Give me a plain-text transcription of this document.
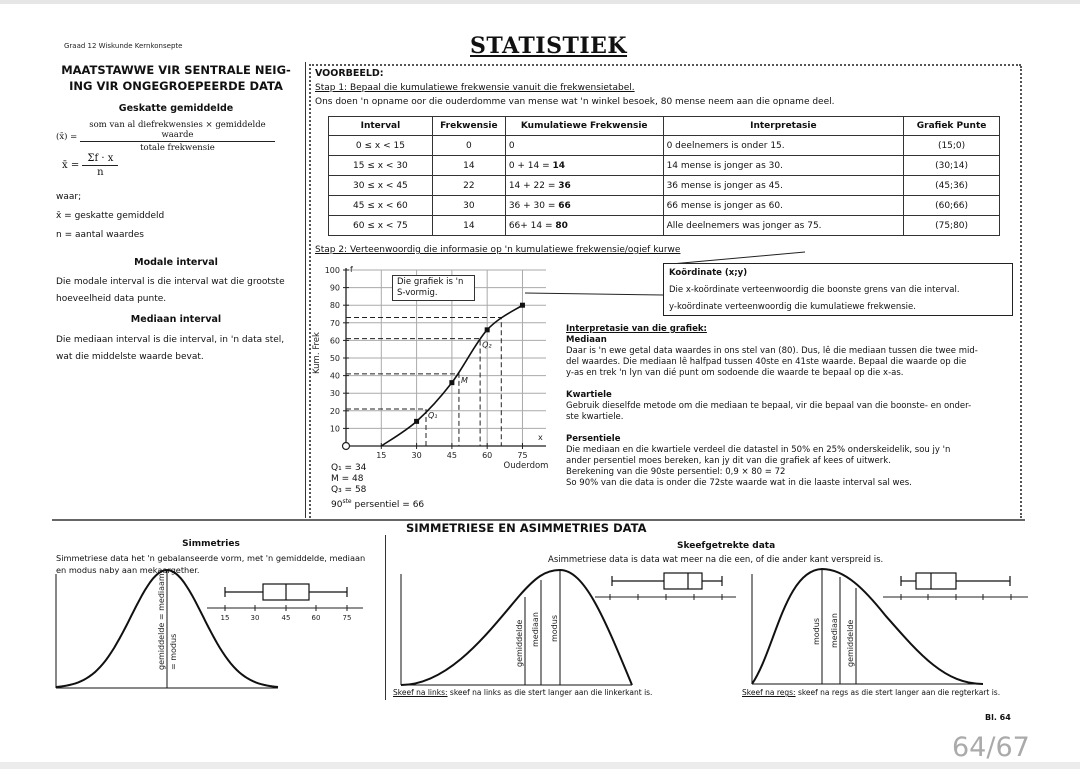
Graad 12 Wiskunde Kernkonsepte	STATISTIEK
MAATSTAWWE VIR SENTRALE NEIG-
ING VIR ONGEGROEPEERDE DATA
Geskatte gemiddelde
(x̄) = $\frac{\text{som van al diefrekwensies × gemiddelde waarde}}{\text{totale frekwensie}}$
x̄ = $\frac{\Sigma f \cdot x}{n}$
waar;
x̄ = geskatte gemiddeld
n = aantal waardes
Modale interval
Die modale interval is die interval wat die grootste
hoeveelheid data punte.
Mediaan interval
Die mediaan interval is die interval, in 'n data stel,
wat die middelste waarde bevat.
VOORBEELD:
Stap 1: Bepaal die kumulatiewe frekwensie vanuit die frekwensietabel.
Ons doen 'n opname oor die ouderdomme van mense wat 'n winkel besoek, 80 mense neem aan die opname deel.
Interval	Frekwensie	Kumulatiewe Frekwensie	Interpretasie	Grafiek Punte
0 ≤ x < 15	0	0	0 deelnemers is onder 15.	(15;0)
15 ≤ x < 30	14	0 + 14 = 14	14 mense is jonger as 30.	(30;14)
30 ≤ x < 45	22	14 + 22 = 36	36 mense is jonger as 45.	(45;36)
45 ≤ x < 60	30	36 + 30 = 66	66 mense is jonger as 60.	(60;66)
60 ≤ x < 75	14	66+ 14 = 80	Alle deelnemers was jonger as 75.	(75;80)
Stap 2: Verteenwoordig die informasie op 'n kumulatiewe frekwensie/ogief kurwe
10
20
30
40
50
60
70
80
90
100
15	30	45	60	75
f
x
Ouderdom
Kum. Frek
Q₁
M
Q₂
Die grafiek is 'n S-vormig.
Koördinate (x;y)
Die x-koördinate verteenwoordig die boonste grens van die interval.
y-koördinate verteenwoordig die kumulatiewe frekwensie.
Interpretasie van die grafiek:
Mediaan
Daar is 'n ewe getal data waardes in ons stel van (80). Dus, lê die mediaan tussen die twee mid-
del waardes. Die mediaan lê halfpad tussen 40ste en 41ste waarde. Bepaal die waarde op die
y-as en trek 'n lyn van dié punt om sodoende die waarde te bepaal op die x-as.
Kwartiele
Gebruik dieselfde metode om die mediaan te bepaal, vir die bepaal van die boonste- en onder-
ste kwartiele.
Persentiele
Die mediaan en die kwartiele verdeel die datastel in 50% en 25% onderskeidelik, sou jy 'n
ander persentiel moes bereken, kan jy dit van die grafiek af kees of uitwerk.
Berekening van die 90ste persentiel: 0,9 × 80 = 72
So 90% van die data is onder die 72ste waarde wat in die laaste interval sal wes.
Q₁ = 34
M = 48
Q₃ = 58
90ste persentiel = 66
SIMMETRIESE EN ASIMMETRIES DATA
Simmetries
Simmetriese data het 'n gebalanseerde vorm, met 'n gemiddelde, mediaan
en modus naby aan mekaargether.
Skeefgetrekte data
Asimmetriese data is data wat meer na die een, of die ander kant verspreid is.
gemiddelde = mediaam = modus
15	30	45	60	75
gemiddelde mediaan modus	modus mediaan gemiddelde
Skeef na links: skeef na links as die stert langer aan die linkerkant is.	Skeef na regs: skeef na regs as die stert langer aan die regterkart is.
Bl. 64
64/67
